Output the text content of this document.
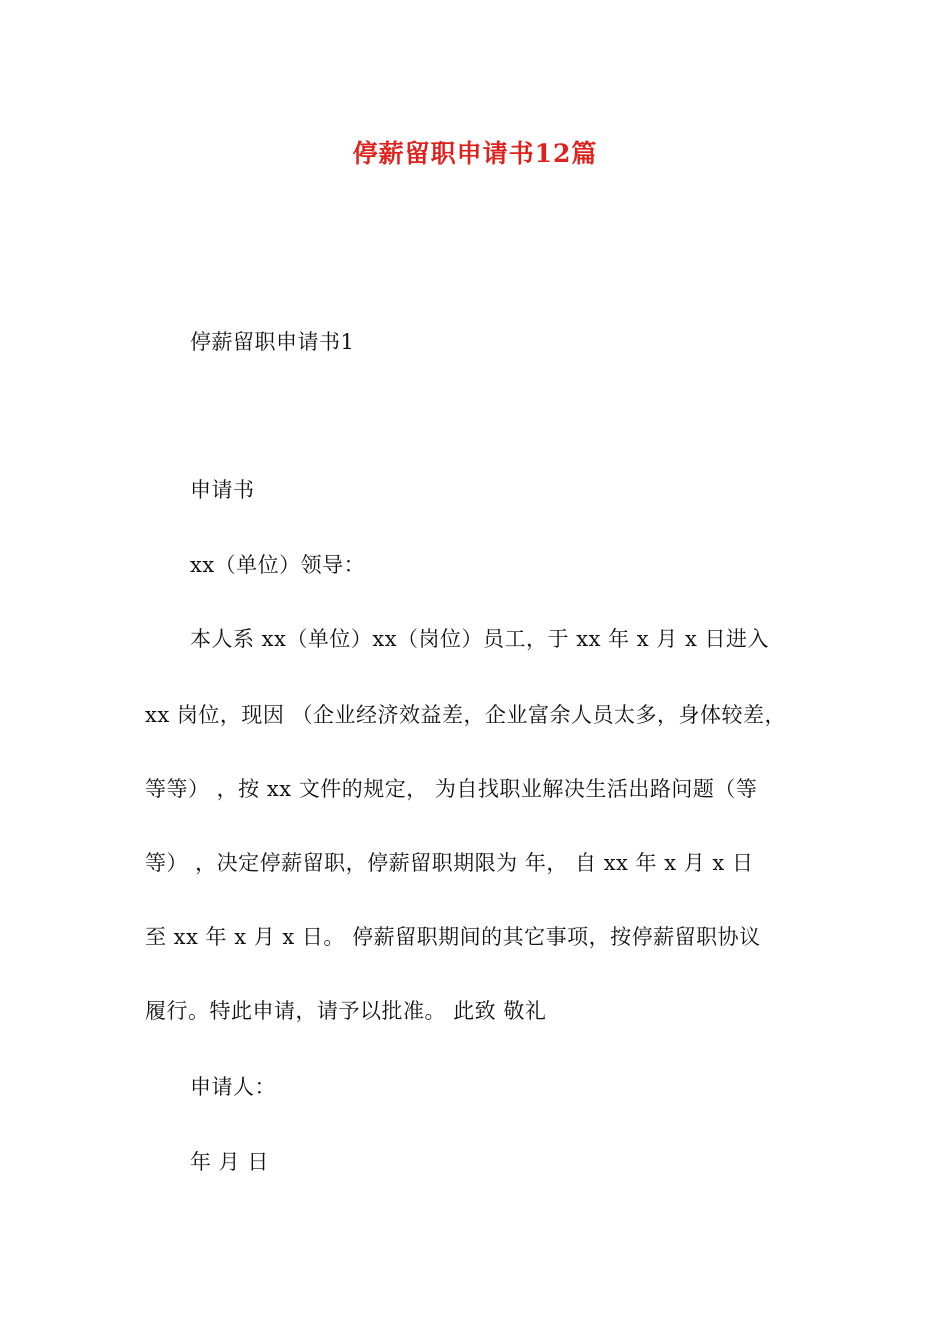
停薪留职申请书12篇
停薪留职申请书1
申请书
xx（单位）领导：
本人系 xx（单位）xx（岗位）员工，于 xx 年 x 月 x 日进入
xx 岗位，现因 （企业经济效益差，企业富余人员太多，身体较差，
等等） ，按 xx 文件的规定， 为自找职业解决生活出路问题（等
等） ，决定停薪留职，停薪留职期限为 年， 自 xx 年 x 月 x 日
至 xx 年 x 月 x 日。 停薪留职期间的其它事项，按停薪留职协议
履行。特此申请，请予以批准。 此致 敬礼
申请人：
年 月 日
